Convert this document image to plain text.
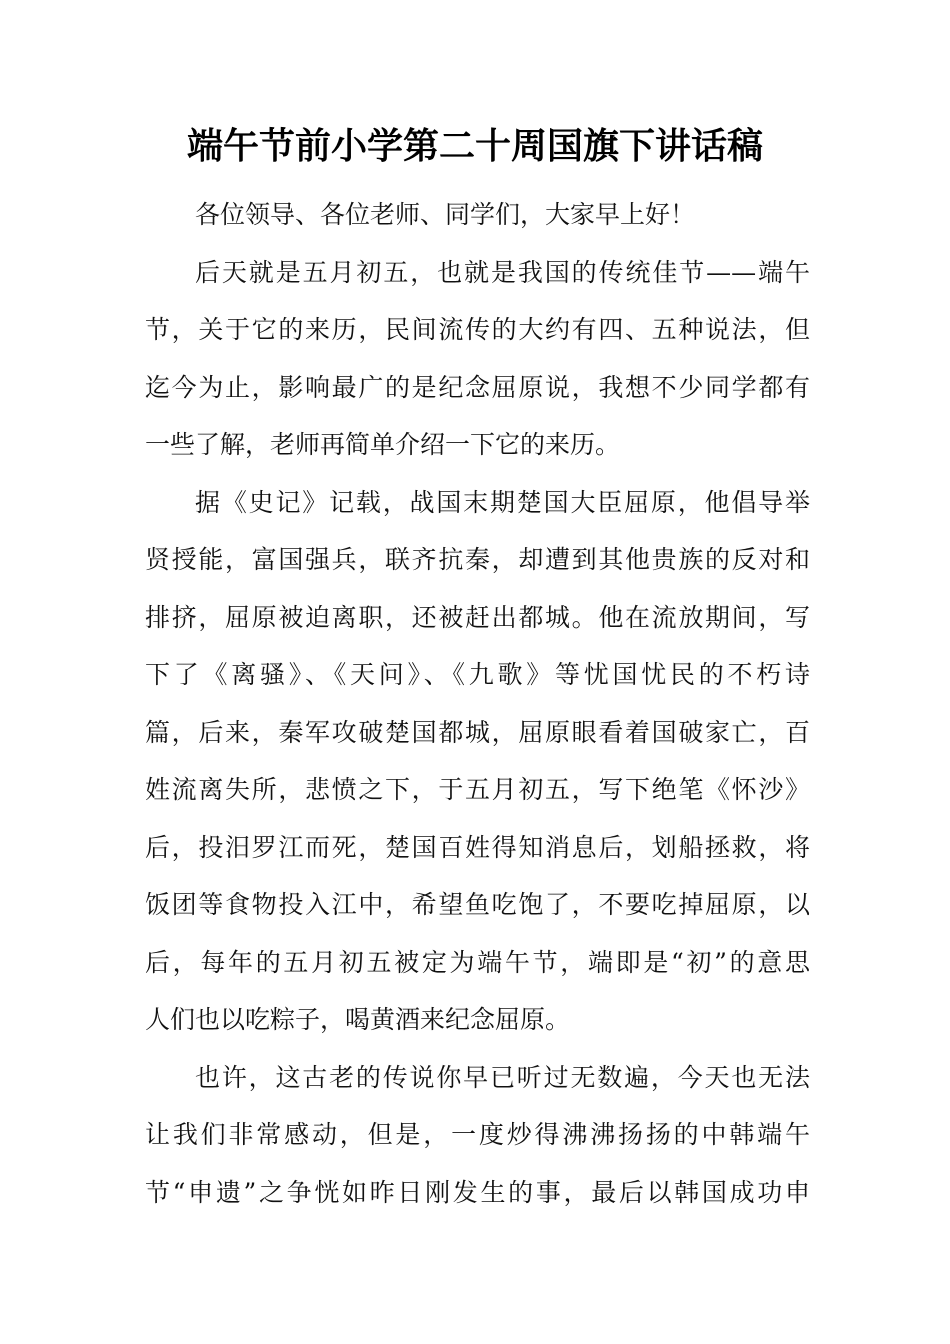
端午节前小学第二十周国旗下讲话稿

各位领导、各位老师、同学们，大家早上好！

后天就是五月初五，也就是我国的传统佳节——端午
节，关于它的来历，民间流传的大约有四、五种说法，但
迄今为止，影响最广的是纪念屈原说，我想不少同学都有
一些了解，老师再简单介绍一下它的来历。

据《史记》记载，战国末期楚国大臣屈原，他倡导举
贤授能，富国强兵，联齐抗秦，却遭到其他贵族的反对和
排挤，屈原被迫离职，还被赶出都城。他在流放期间，写
下了《离骚》、《天问》、《九歌》等忧国忧民的不朽诗
篇，后来，秦军攻破楚国都城，屈原眼看着国破家亡，百
姓流离失所，悲愤之下，于五月初五，写下绝笔《怀沙》
后，投汨罗江而死，楚国百姓得知消息后，划船拯救，将
饭团等食物投入江中，希望鱼吃饱了，不要吃掉屈原，以
后，每年的五月初五被定为端午节，端即是“初”的意思
人们也以吃粽子，喝黄酒来纪念屈原。

也许，这古老的传说你早已听过无数遍，今天也无法
让我们非常感动，但是，一度炒得沸沸扬扬的中韩端午
节“申遗”之争恍如昨日刚发生的事，最后以韩国成功申
